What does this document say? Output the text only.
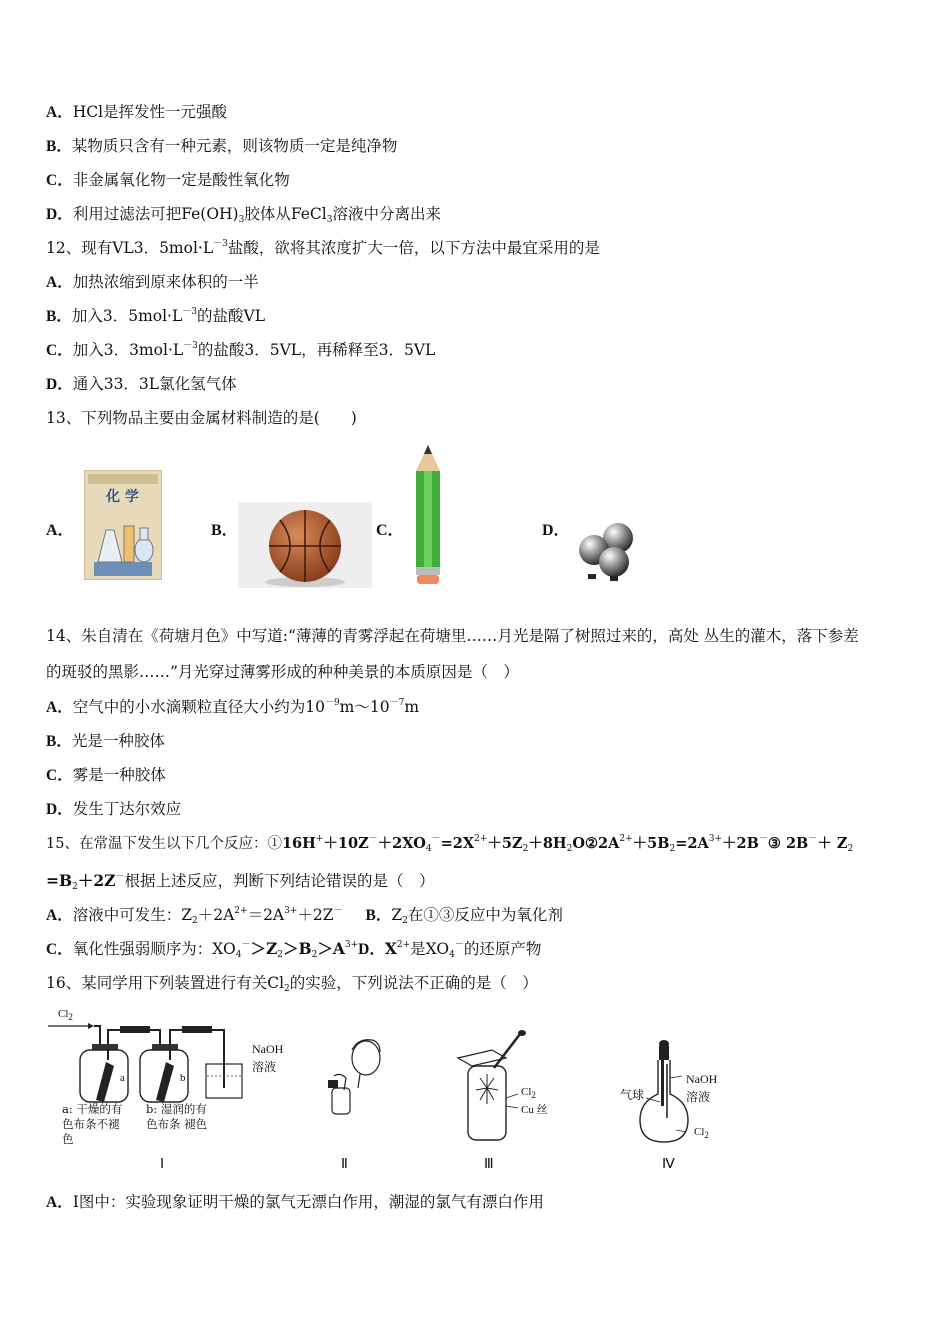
A．HCl是挥发性一元强酸
B．某物质只含有一种元素，则该物质一定是纯净物
C．非金属氧化物一定是酸性氧化物
D．利用过滤法可把$Fe(OH)_3$胶体从FeCl$_3$溶液中分离出来
12、现有VL3．$5mol\cdot L^{-3}$盐酸，欲将其浓度扩大一倍，以下方法中最宜采用的是
A．加热浓缩到原来体积的一半
B．加入3．$5mol\cdot L^{-3}$的盐酸VL
C．加入3．$3mol\cdot L^{-3}$的盐酸3．5VL，再稀释至3．5VL
D．通入33．3L氯化氢气体
13、下列物品主要由金属材料制造的是(　　)
A．
化 学
B．	C．	D．
14、朱自清在《荷塘月色》中写道:“薄薄的青雾浮起在荷塘里……月光是隔了树照过来的，高处 丛生的灌木，落下参差
的斑驳的黑影……”月光穿过薄雾形成的种种美景的本质原因是（　）
A．空气中的小水滴颗粒直径大小约为$10^{-9}m\sim 10^{-7}m$
B．光是一种胶体
C．雾是一种胶体
D．发生丁达尔效应
15、在常温下发生以下几个反应：$①16H^++10Z^-+2XO_4^-=2X^{2+}+5Z_2+8H_2O②2A^{2+}+5B_2=2A^{3+}+2B^-③$ $2B^-+ Z_2$
$=B_2+2Z^-$根据上述反应，判断下列结论错误的是（　）
A．溶液中可发生：$Z_2+2A^{2+}=2A^{3+}+2Z^-$ B．$Z_2$在①③反应中为氧化剂
C．氧化性强弱顺序为：$XO_4^->Z_2>B_2>A^{3+}D$．$X^{2+}$是$XO_4^-$的还原产物
16、某同学用下列装置进行有关$Cl_2$的实验，下列说法不正确的是（　）
$Cl_2$
a	b
NaOH
溶液
a: 干燥的有
色布条不褪
色
b: 湿润的有
色布条 褪色
Ⅰ	Ⅱ
$Cl_2$
Cu 丝
Ⅲ
气球
NaOH
溶液
$Cl_2$
Ⅳ
A．Ⅰ图中：实验现象证明干燥的氯气无漂白作用，潮湿的氯气有漂白作用
